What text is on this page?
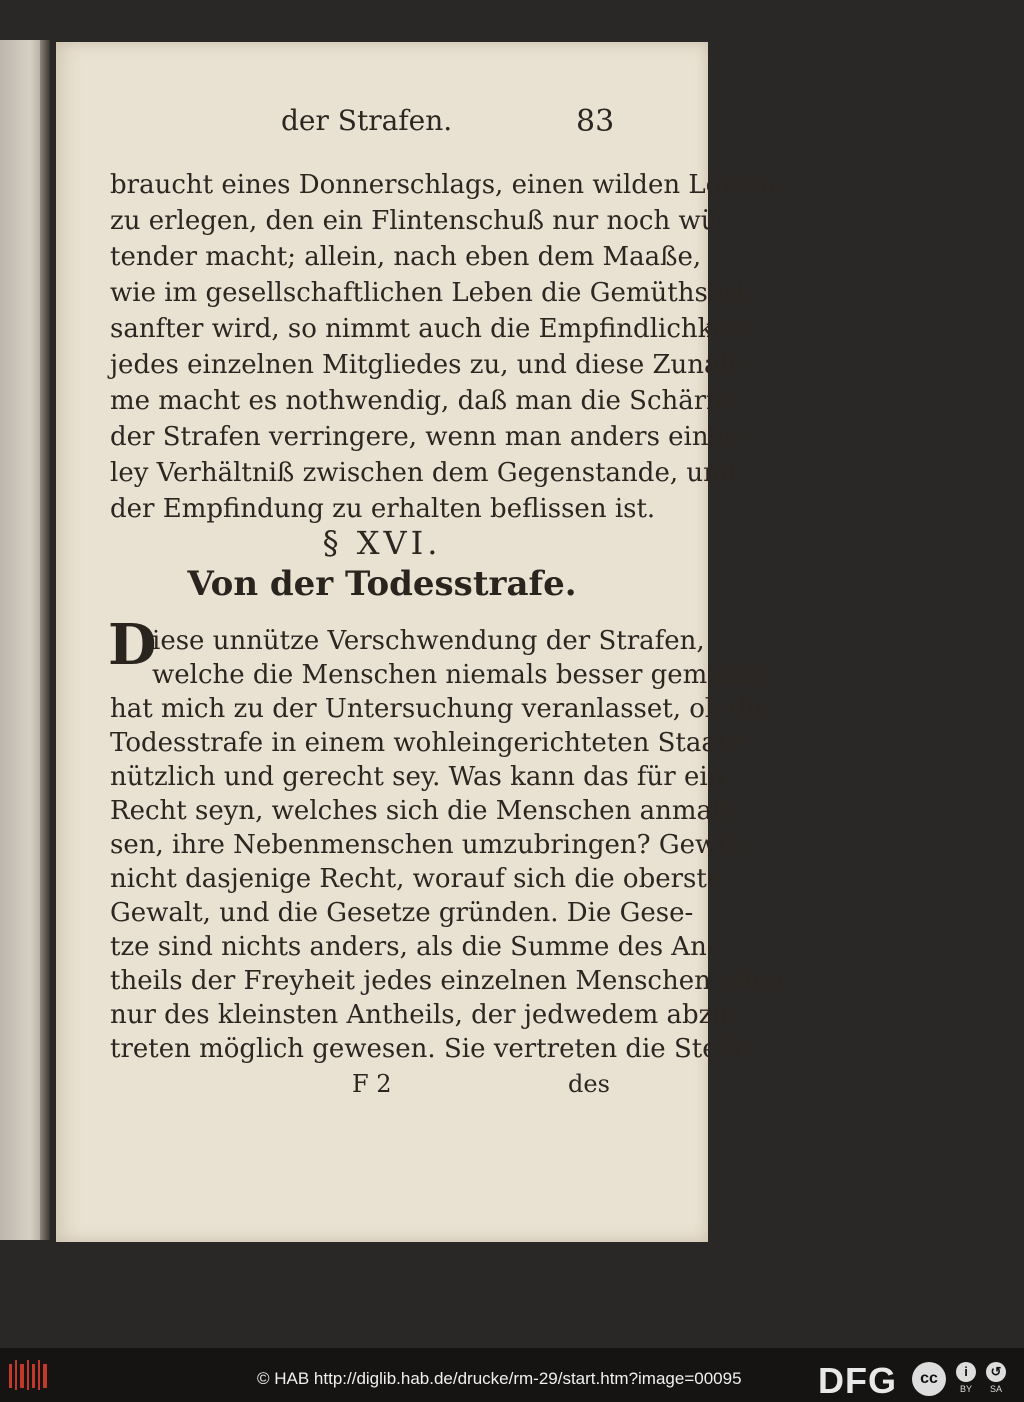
der Strafen.	83
braucht eines Donnerschlags, einen wilden Löwen
zu erlegen, den ein Flintenschuß nur noch wü-
tender macht; allein, nach eben dem Maaße,
wie im gesellschaftlichen Leben die Gemüthsart
sanfter wird, so nimmt auch die Empfindlichkeit
jedes einzelnen Mitgliedes zu, und diese Zunah-
me macht es nothwendig, daß man die Schärfe
der Strafen verringere, wenn man anders einer-
ley Verhältniß zwischen dem Gegenstande, und
der Empfindung zu erhalten beflissen ist.
§ XVI.
Von der Todesstrafe.
D
iese unnütze Verschwendung der Strafen,
welche die Menschen niemals besser gemacht,
hat mich zu der Untersuchung veranlasset, ob die
Todesstrafe in einem wohleingerichteten Staate
nützlich und gerecht sey. Was kann das für ein
Recht seyn, welches sich die Menschen anmaß-
sen, ihre Nebenmenschen umzubringen? Gewiß
nicht dasjenige Recht, worauf sich die oberste
Gewalt, und die Gesetze gründen. Die Gese-
tze sind nichts anders, als die Summe des An-
theils der Freyheit jedes einzelnen Menschen, aber
nur des kleinsten Antheils, der jedwedem abzu-
treten möglich gewesen. Sie vertreten die Stelle
F 2	des
© HAB http://diglib.hab.de/drucke/rm-29/start.htm?image=00095 DFG	cc	i
BY
↺
SA
